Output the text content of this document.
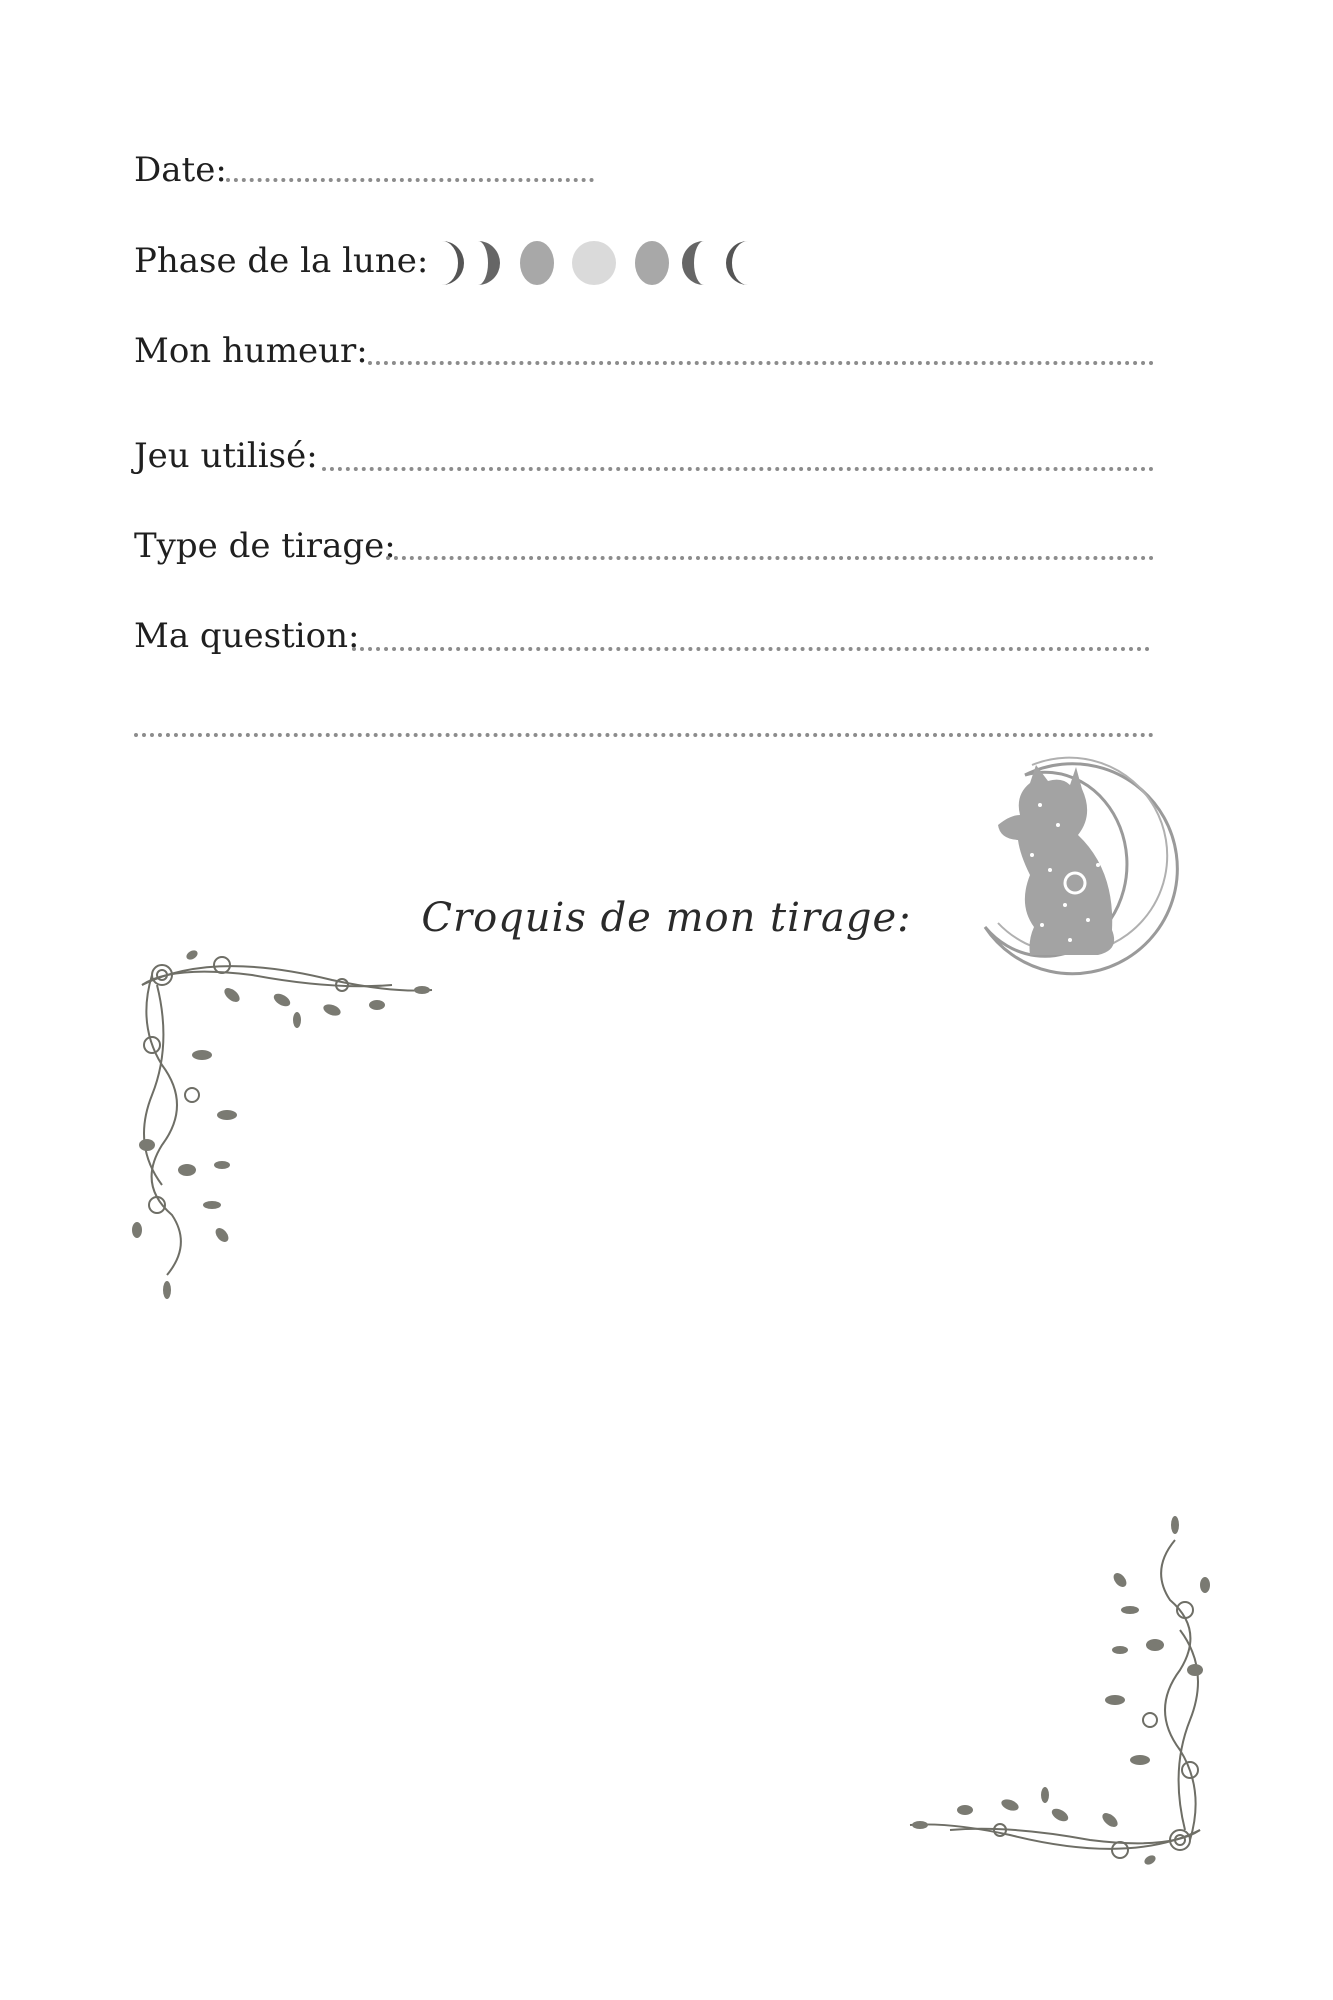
Date:
Phase de la lune:
Mon humeur:
Jeu utilisé:
Type de tirage:
Ma question:
Croquis de mon tirage:
